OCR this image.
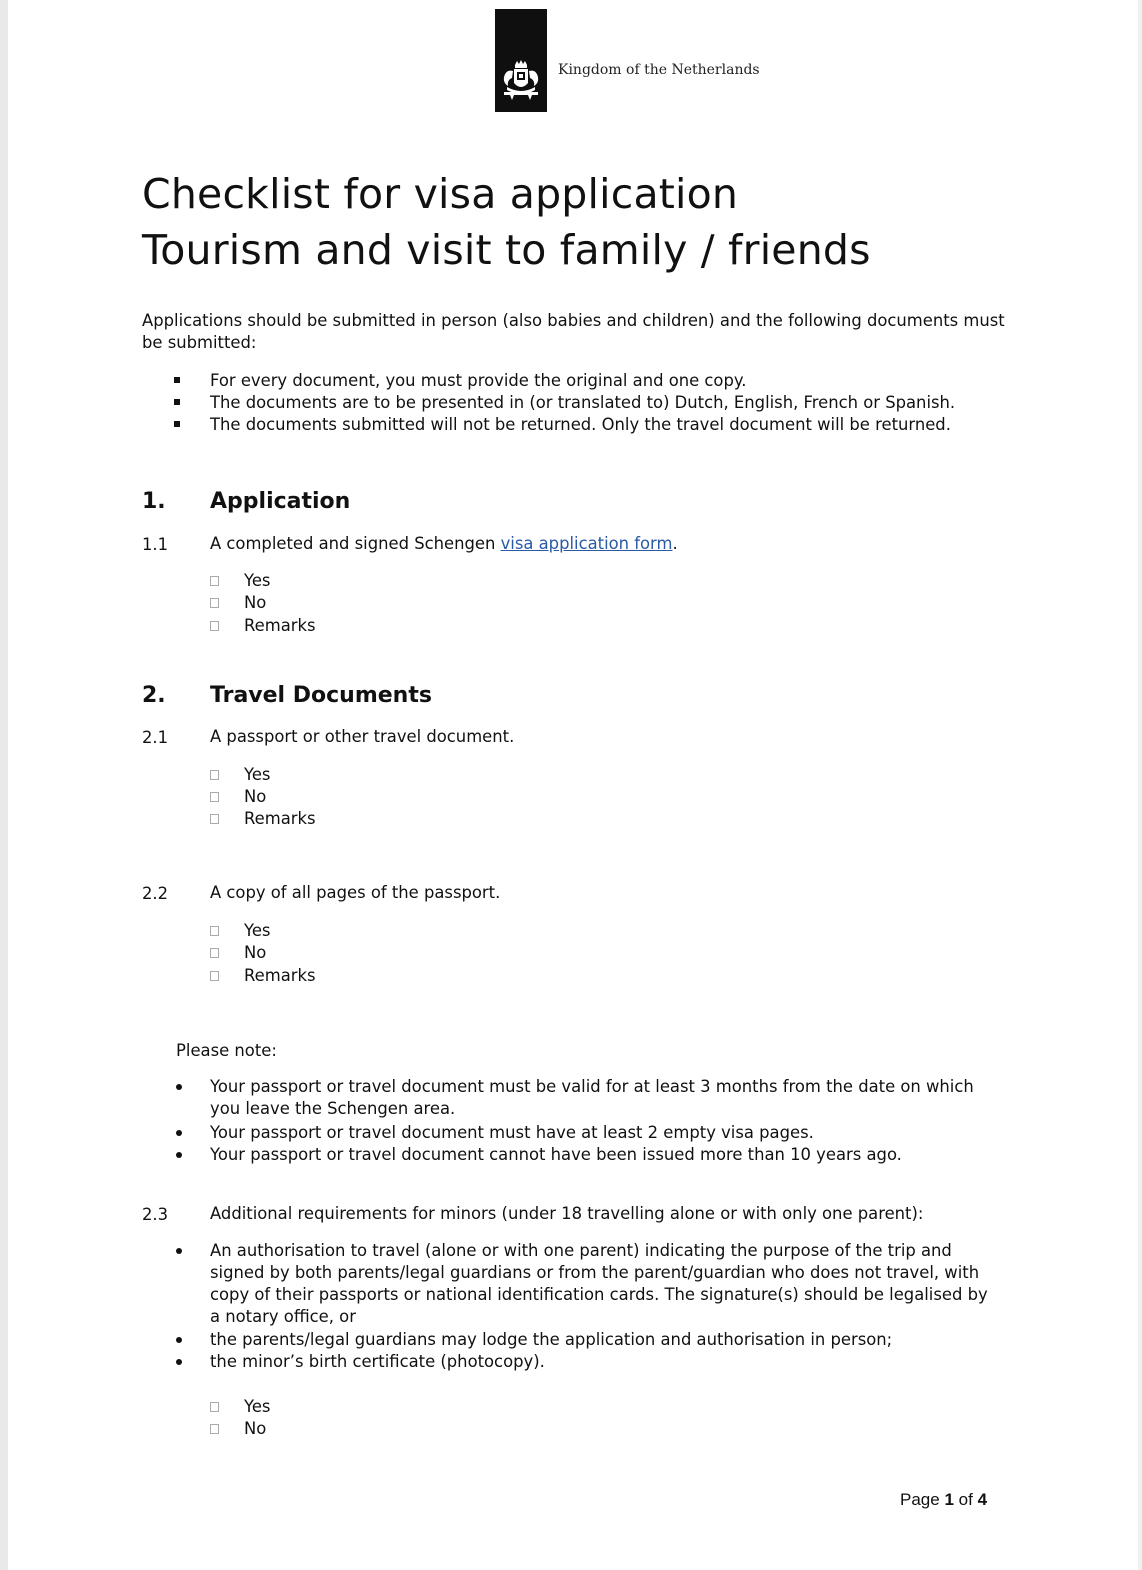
Kingdom of the Netherlands
Checklist for visa application
Tourism and visit to family / friends
Applications should be submitted in person (also babies and children) and the following documents must be submitted:
For every document, you must provide the original and one copy.
The documents are to be presented in (or translated to) Dutch, English, French or Spanish.
The documents submitted will not be returned. Only the travel document will be returned.
1. Application
1.1	A completed and signed Schengen visa application form.
Yes
No
Remarks
2. Travel Documents
2.1	A passport or other travel document.
Yes
No
Remarks
2.2	A copy of all pages of the passport.
Yes
No
Remarks
Please note:
Your passport or travel document must be valid for at least 3 months from the date on which you leave the Schengen area.
Your passport or travel document must have at least 2 empty visa pages.
Your passport or travel document cannot have been issued more than 10 years ago.
2.3	Additional requirements for minors (under 18 travelling alone or with only one parent):
An authorisation to travel (alone or with one parent) indicating the purpose of the trip and signed by both parents/legal guardians or from the parent/guardian who does not travel, with copy of their passports or national identification cards. The signature(s) should be legalised by a notary office, or
the parents/legal guardians may lodge the application and authorisation in person;
the minor’s birth certificate (photocopy).
Yes
No
Page 1 of 4
